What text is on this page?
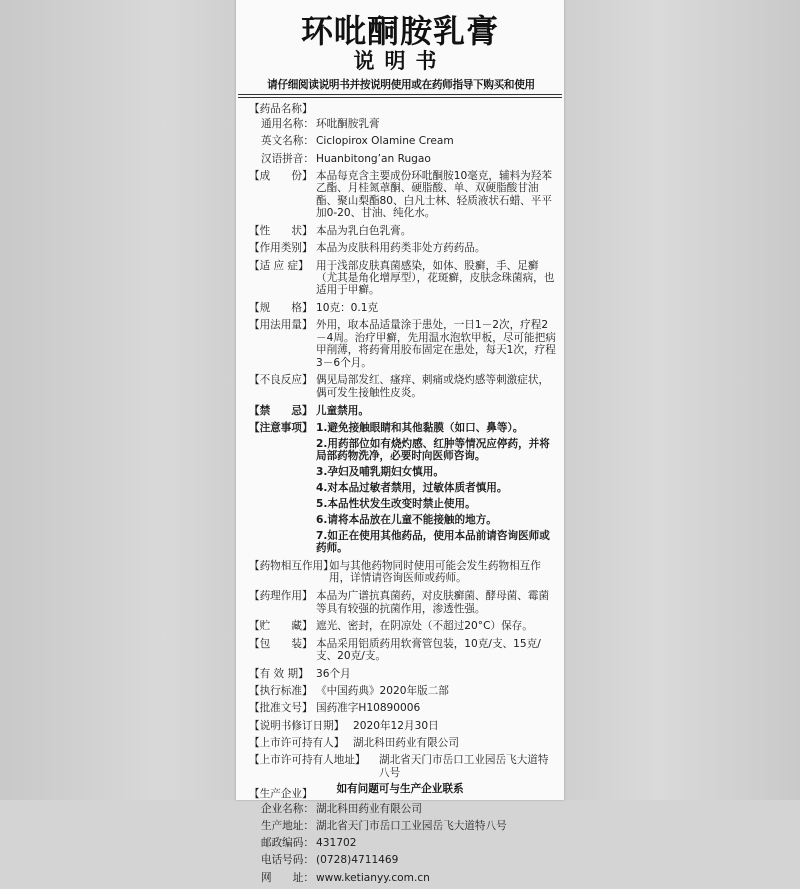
环吡酮胺乳膏
说明书
请仔细阅读说明书并按说明使用或在药师指导下购买和使用
【药品名称】
通用名称： 环吡酮胺乳膏
英文名称： Ciclopirox Olamine Cream
汉语拼音： Huanbitong’an Rugao
【成　　份】 本品每克含主要成份环吡酮胺10毫克，辅料为羟苯乙酯、月桂氮䓬酮、硬脂酸、单、双硬脂酸甘油酯、聚山梨酯80、白凡士林、轻质液状石蜡、平平加0-20、甘油、纯化水。
【性　　状】 本品为乳白色乳膏。
【作用类别】 本品为皮肤科用药类非处方药药品。
【适 应 症】 用于浅部皮肤真菌感染，如体、股癣，手、足癣（尤其是角化增厚型），花斑癣，皮肤念珠菌病，也适用于甲癣。
【规　　格】 10克：0.1克
【用法用量】 外用，取本品适量涂于患处，一日1－2次，疗程2－4周。治疗甲癣，先用温水泡软甲板，尽可能把病甲削薄，将药膏用胶布固定在患处，每天1次，疗程3－6个月。
【不良反应】 偶见局部发红、瘙痒、刺痛或烧灼感等刺激症状，偶可发生接触性皮炎。
【禁　　忌】 儿童禁用。
【注意事项】 1.避免接触眼睛和其他黏膜（如口、鼻等）。
2.用药部位如有烧灼感、红肿等情况应停药，并将局部药物洗净，必要时向医师咨询。
3.孕妇及哺乳期妇女慎用。
4.对本品过敏者禁用，过敏体质者慎用。
5.本品性状发生改变时禁止使用。
6.请将本品放在儿童不能接触的地方。
7.如正在使用其他药品，使用本品前请咨询医师或药师。
【药物相互作用】
如与其他药物同时使用可能会发生药物相互作用，详情请咨询医师或药师。
【药理作用】 本品为广谱抗真菌药，对皮肤癣菌、酵母菌、霉菌等具有较强的抗菌作用，渗透性强。
【贮　　藏】 遮光、密封，在阴凉处（不超过20°C）保存。
【包　　装】 本品采用铝质药用软膏管包装，10克/支、15克/支、20克/支。
【有 效 期】 36个月
【执行标准】 《中国药典》2020年版二部
【批准文号】 国药准字H10890006
【说明书修订日期】 2020年12月30日
【上市许可持有人】 湖北科田药业有限公司
【上市许可持有人地址】	湖北省天门市岳口工业园岳飞大道特八号
【生产企业】
企业名称： 湖北科田药业有限公司
生产地址： 湖北省天门市岳口工业园岳飞大道特八号
邮政编码： 431702
电话号码： (0728)4711469
网　　址： www.ketianyy.com.cn
如有问题可与生产企业联系
